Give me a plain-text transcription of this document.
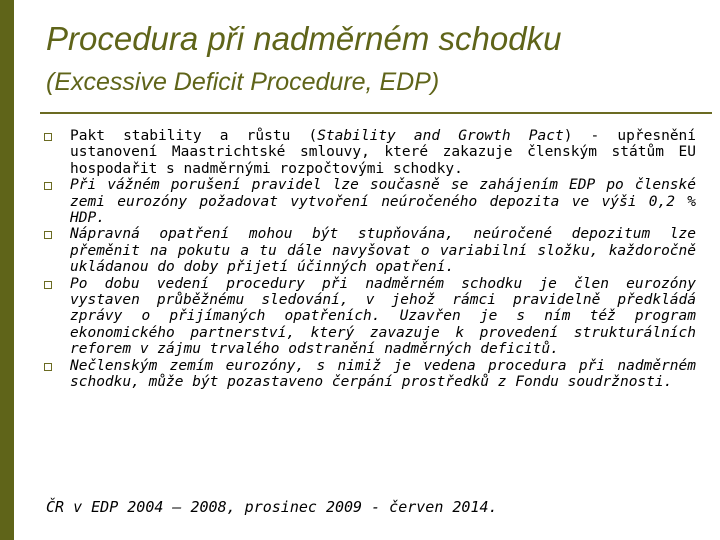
Procedura při nadměrném schodku
(Excessive Deficit Procedure, EDP)
Pakt stability a růstu (Stability and Growth Pact) - upřesnění ustanovení Maastrichtské smlouvy, které zakazuje členským státům EU hospodařit s nadměrnými rozpočtovými schodky.
Při vážném porušení pravidel lze současně se zahájením EDP po členské zemi eurozóny požadovat vytvoření neúročeného depozita ve výši 0,2 % HDP.
Nápravná opatření mohou být stupňována, neúročené depozitum lze přeměnit na pokutu a tu dále navyšovat o variabilní složku, každoročně ukládanou do doby přijetí účinných opatření.
Po dobu vedení procedury při nadměrném schodku je člen eurozóny vystaven průběžnému sledování, v jehož rámci pravidelně předkládá zprávy o přijímaných opatřeních. Uzavřen je s ním též program ekonomického partnerství, který zavazuje k provedení strukturálních reforem v zájmu trvalého odstranění nadměrných deficitů.
Nečlenským zemím eurozóny, s nimiž je vedena procedura při nadměrném schodku, může být pozastaveno čerpání prostředků z Fondu soudržnosti.
ČR v EDP 2004 – 2008, prosinec 2009 - červen 2014.
